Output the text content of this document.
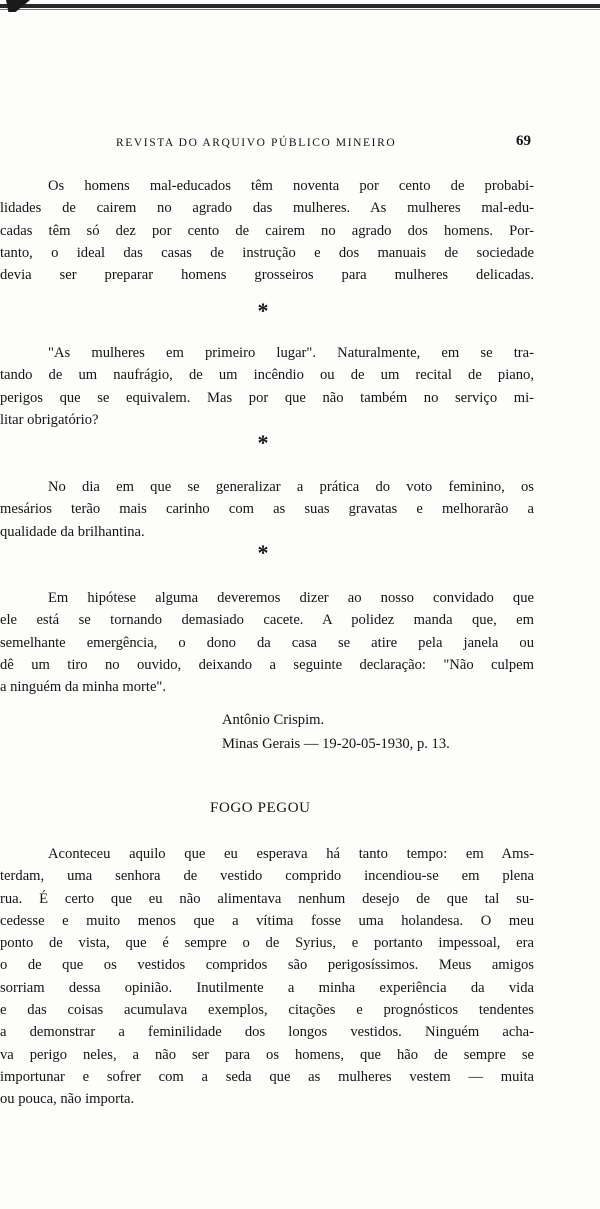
REVISTA DO ARQUIVO PÚBLICO MINEIRO	69
Os homens mal-educados têm noventa por cento de probabi-
lidades de cairem no agrado das mulheres. As mulheres mal-edu-
cadas têm só dez por cento de cairem no agrado dos homens. Por-
tanto, o ideal das casas de instrução e dos manuais de sociedade
devia ser preparar homens grosseiros para mulheres delicadas.
*
"As mulheres em primeiro lugar". Naturalmente, em se tra-
tando de um naufrágio, de um incêndio ou de um recital de piano,
perigos que se equivalem. Mas por que não também no serviço mi-
litar obrigatório?
*
No dia em que se generalizar a prática do voto feminino, os
mesários terão mais carinho com as suas gravatas e melhorarão a
qualidade da brilhantina.
*
Em hipótese alguma deveremos dizer ao nosso convidado que
ele está se tornando demasiado cacete. A polidez manda que, em
semelhante emergência, o dono da casa se atire pela janela ou
dê um tiro no ouvido, deixando a seguinte declaração: "Não culpem
a ninguém da minha morte".
Antônio Crispim.
Minas Gerais — 19-20-05-1930, p. 13.
FOGO PEGOU
Aconteceu aquilo que eu esperava há tanto tempo: em Ams-
terdam, uma senhora de vestido comprido incendiou-se em plena
rua. É certo que eu não alimentava nenhum desejo de que tal su-
cedesse e muito menos que a vítima fosse uma holandesa. O meu
ponto de vista, que é sempre o de Syrius, e portanto impessoal, era
o de que os vestidos compridos são perigosíssimos. Meus amigos
sorriam dessa opinião. Inutilmente a minha experiência da vida
e das coisas acumulava exemplos, citações e prognósticos tendentes
a demonstrar a feminilidade dos longos vestidos. Ninguém acha-
va perigo neles, a não ser para os homens, que hão de sempre se
importunar e sofrer com a seda que as mulheres vestem — muita
ou pouca, não importa.
